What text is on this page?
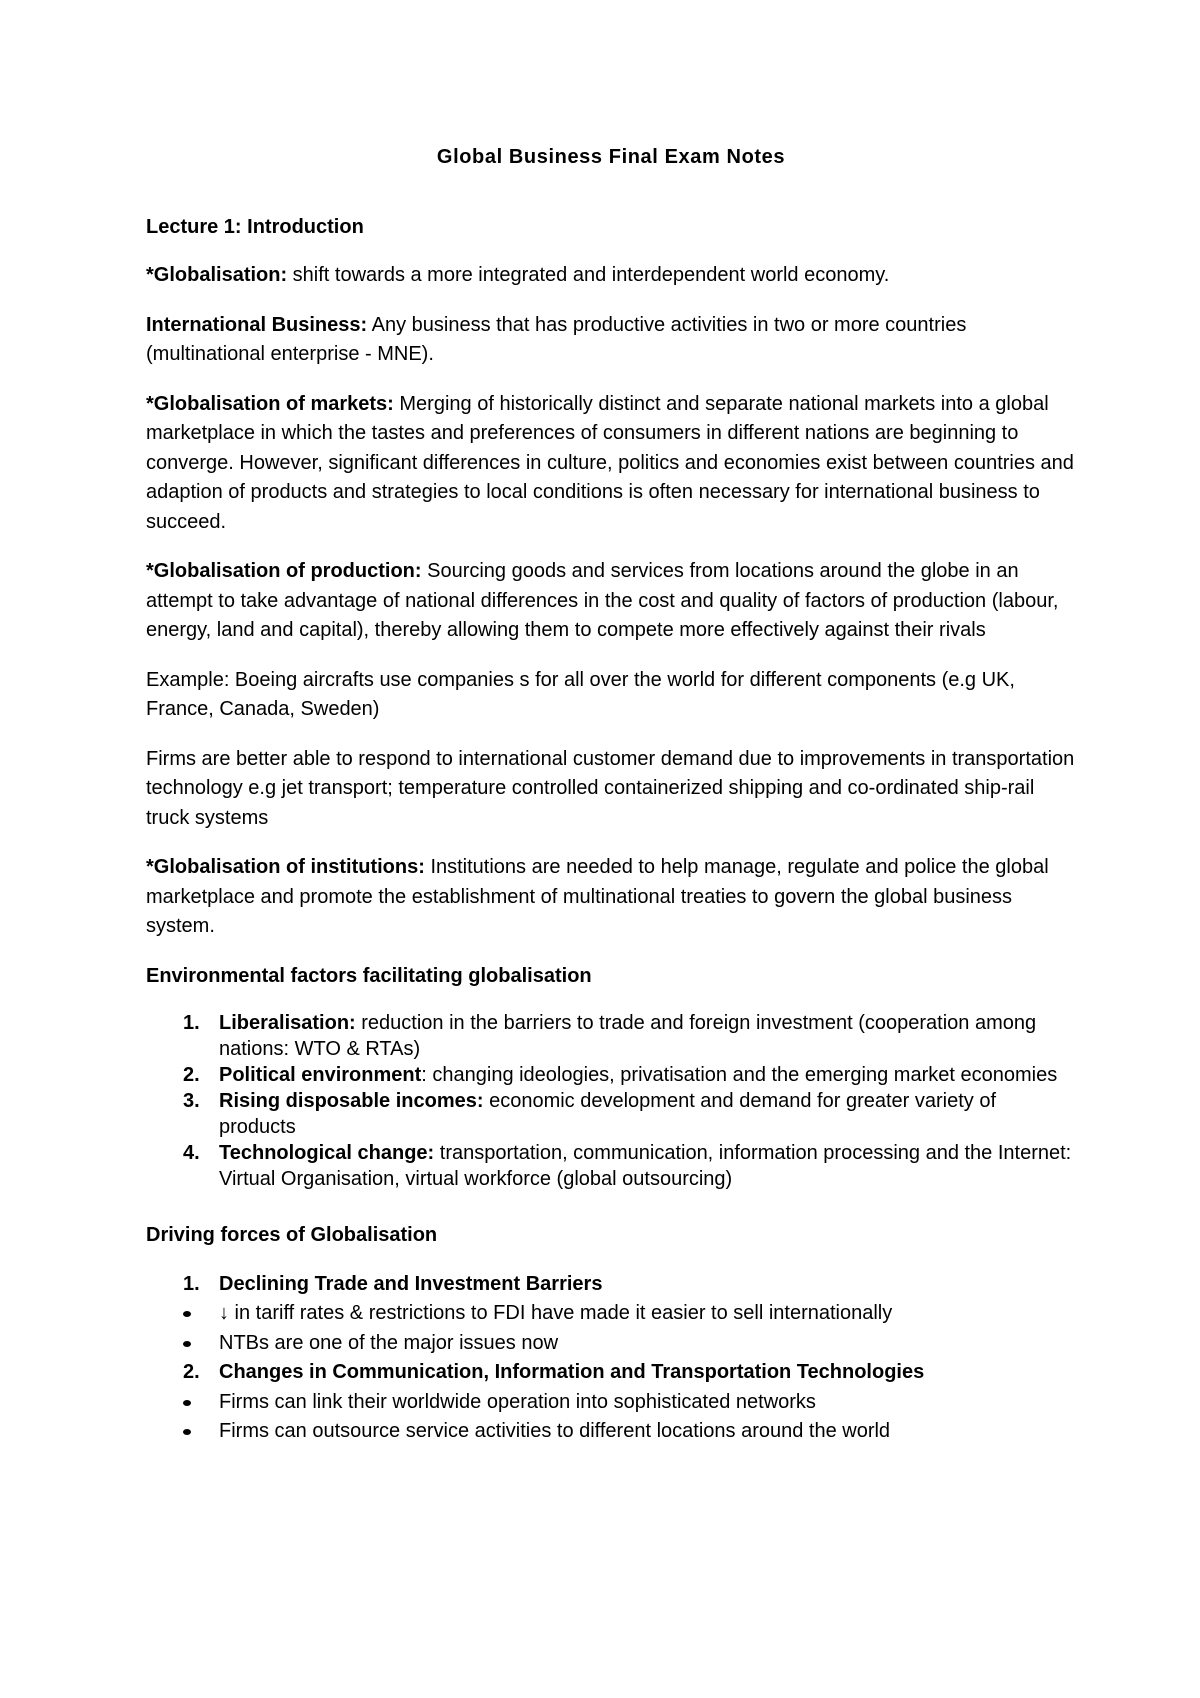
Global Business Final Exam Notes
Lecture 1: Introduction

*Globalisation: shift towards a more integrated and interdependent world economy.

International Business: Any business that has productive activities in two or more countries (multinational enterprise - MNE).

*Globalisation of markets: Merging of historically distinct and separate national markets into a global marketplace in which the tastes and preferences of consumers in different nations are beginning to converge. However, significant differences in culture, politics and economies exist between countries and adaption of products and strategies to local conditions is often necessary for international business to succeed.

*Globalisation of production: Sourcing goods and services from locations around the globe in an attempt to take advantage of national differences in the cost and quality of factors of production (labour, energy, land and capital), thereby allowing them to compete more effectively against their rivals

Example: Boeing aircrafts use companies s for all over the world for different components (e.g UK, France, Canada, Sweden)

Firms are better able to respond to international customer demand due to improvements in transportation technology e.g jet transport; temperature controlled containerized shipping and co-ordinated ship-rail truck systems

*Globalisation of institutions: Institutions are needed to help manage, regulate and police the global marketplace and promote the establishment of multinational treaties to govern the global business system.

Environmental factors facilitating globalisation
1. Liberalisation: reduction in the barriers to trade and foreign investment (cooperation among nations: WTO & RTAs)
2. Political environment: changing ideologies, privatisation and the emerging market economies
3. Rising disposable incomes: economic development and demand for greater variety of products
4. Technological change: transportation, communication, information processing and the Internet: Virtual Organisation, virtual workforce (global outsourcing)
Driving forces of Globalisation
1. Declining Trade and Investment Barriers
↓ in tariff rates & restrictions to FDI have made it easier to sell internationally
NTBs are one of the major issues now
2. Changes in Communication, Information and Transportation Technologies
Firms can link their worldwide operation into sophisticated networks
Firms can outsource service activities to different locations around the world
